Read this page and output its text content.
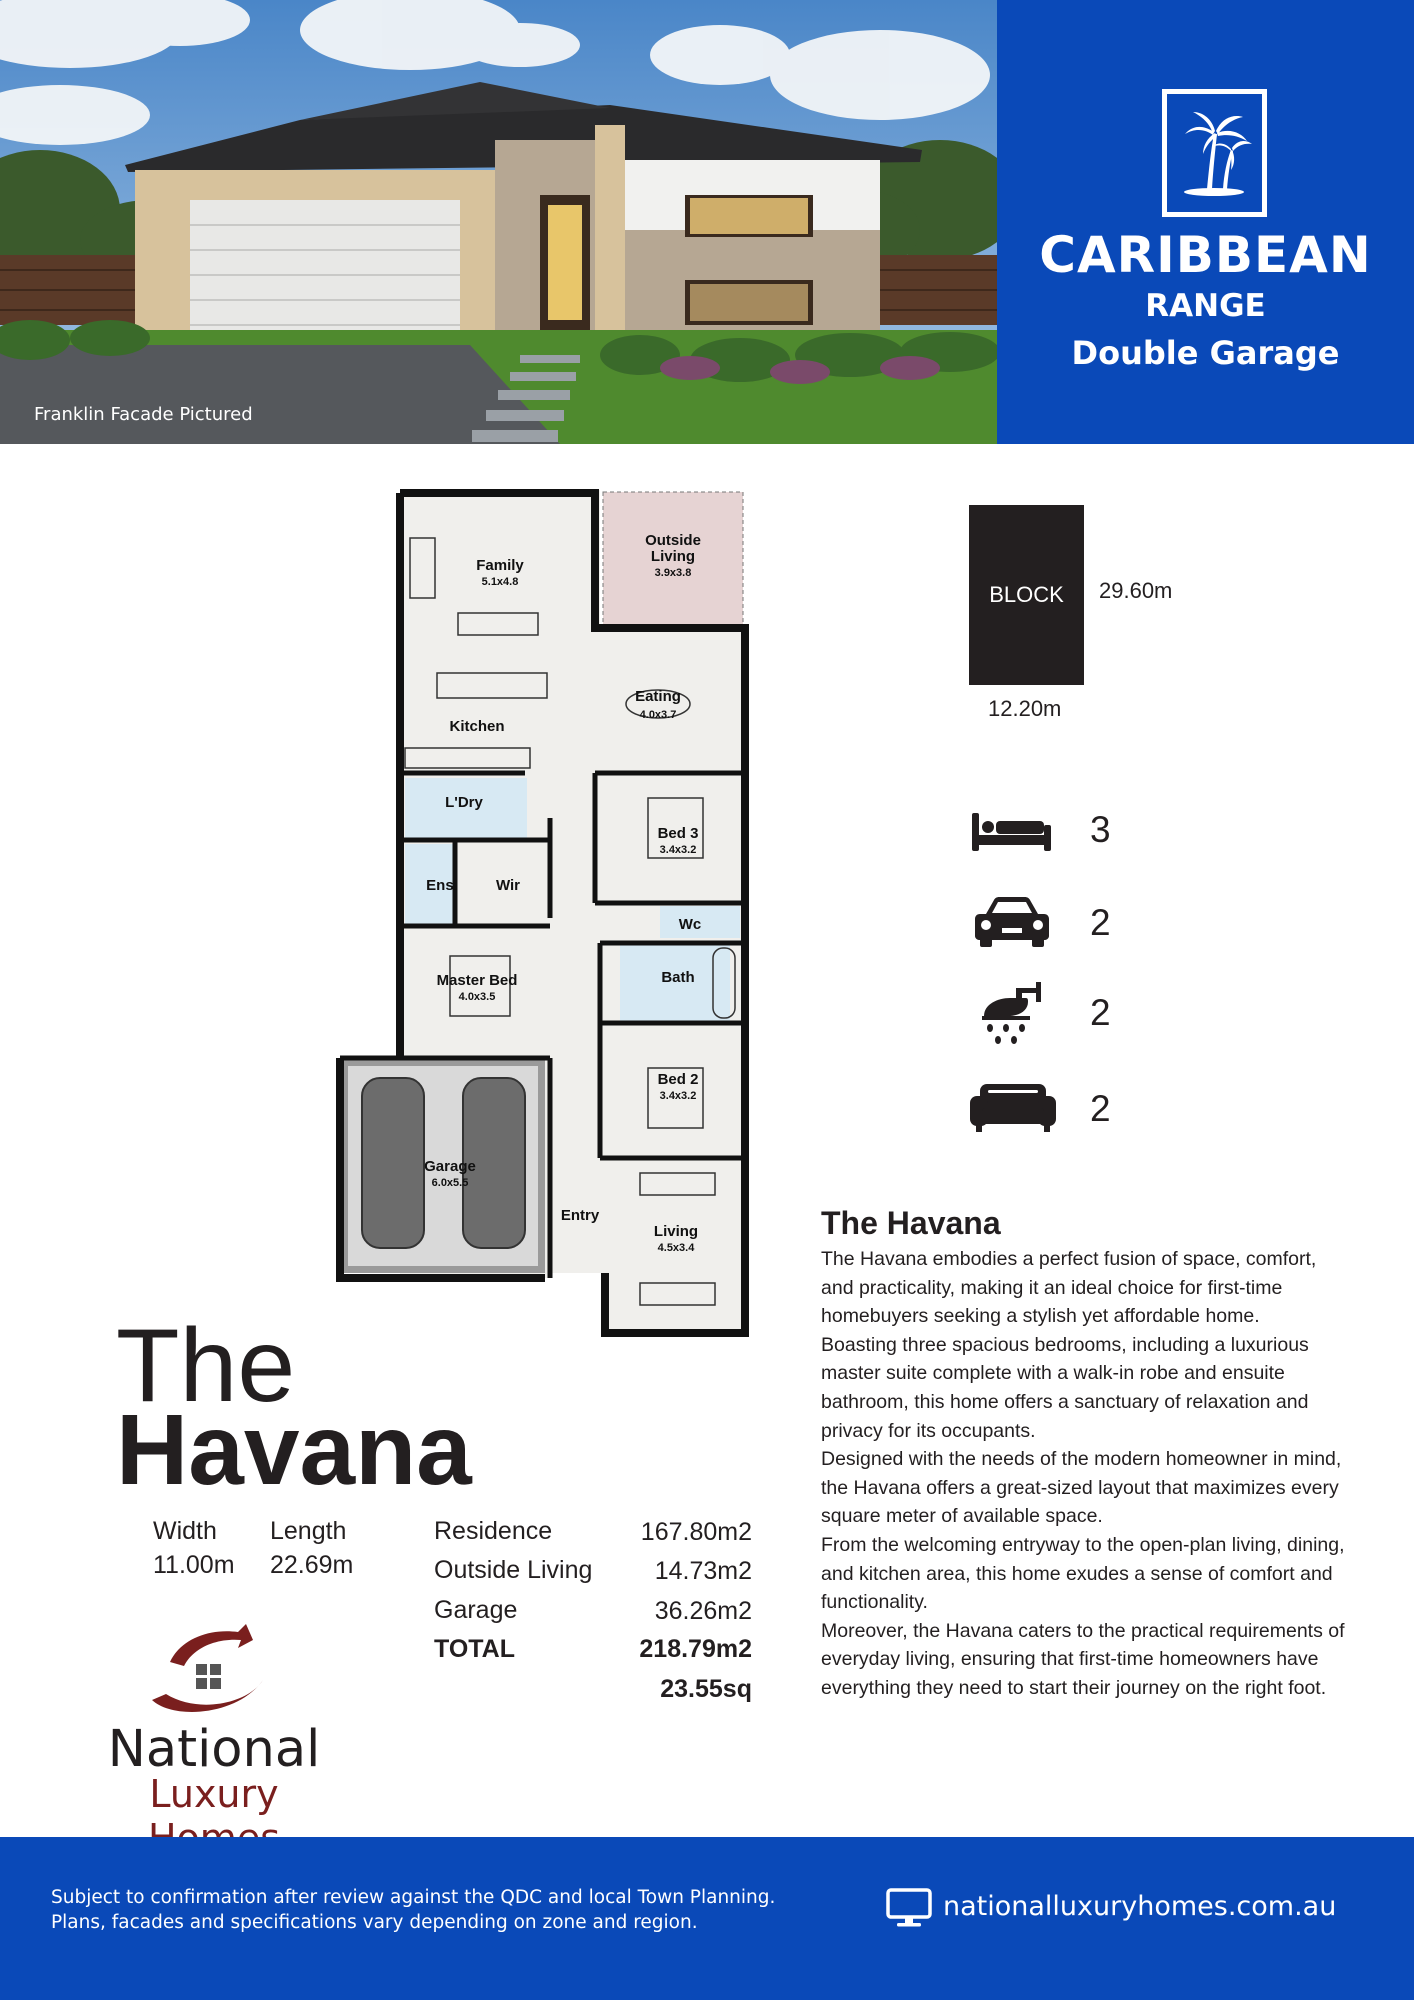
Franklin Facade Pictured
CARIBBEAN
RANGE
Double Garage
Outside
Living
3.9x3.8
Family
5.1x4.8
Eating
4.0x3.7
Kitchen
L'Dry
Bed 3
3.4x3.2
Ens.	Wir
Wc
Bath
Master Bed
4.0x3.5
Bed 2
3.4x3.2
Garage
6.0x5.5
Entry
Living
4.5x3.4
BLOCK 29.60m
12.20m
3
2
2
2
The Havana

The Havana embodies a perfect fusion of space, comfort, and practicality, making it an ideal choice for first-time homebuyers seeking a stylish yet affordable home.

Boasting three spacious bedrooms, including a luxurious master suite complete with a walk-in robe and ensuite bathroom, this home offers a sanctuary of relaxation and privacy for its occupants.

Designed with the needs of the modern homeowner in mind, the Havana offers a great-sized layout that maximizes every square meter of available space.

From the welcoming entryway to the open-plan living, dining, and kitchen area, this home exudes a sense of comfort and functionality.

Moreover, the Havana caters to the practical requirements of everyday living, ensuring that first-time homeowners have everything they need to start their journey on the right foot.

The
Havana
Width
11.00m
Length
22.69m
Residence	167.80m2
Outside Living 14.73m2
Garage	36.26m2
TOTAL	218.79m2
23.55sq
National
Luxury
Subject to confirmation after review against the QDC and local Town Planning.
Plans, facades and specifications vary depending on zone and region.
nationalluxuryhomes.com.au
